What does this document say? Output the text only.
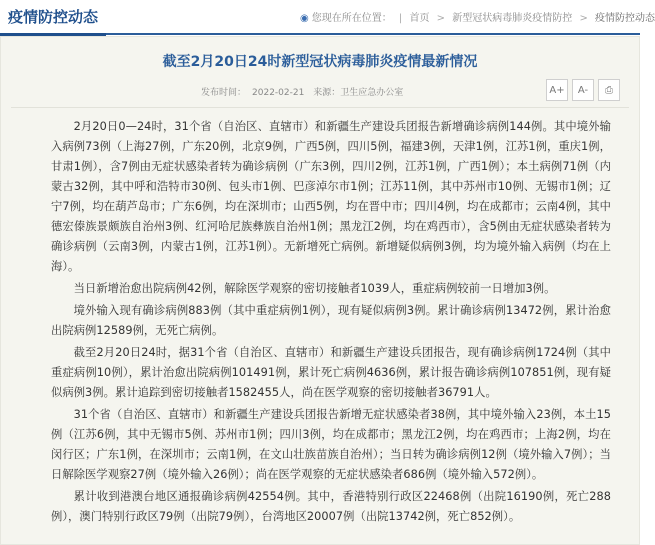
疫情防控动态	◉ 您现在所在位置： | 首页 > 新型冠状病毒肺炎疫情防控 > 疫情防控动态
截至2月20日24时新型冠状病毒肺炎疫情最新情况
发布时间： 2022-02-21 来源：卫生应急办公室	A+	A-	⎙

2月20日0—24时，31个省（自治区、直辖市）和新疆生产建设兵团报告新增确诊病例144例。其中境外输入病例73例（上海27例，广东20例，北京9例，广西5例，四川5例，福建3例，天津1例，江苏1例，重庆1例，甘肃1例），含7例由无症状感染者转为确诊病例（广东3例，四川2例，江苏1例，广西1例）；本土病例71例（内蒙古32例，其中呼和浩特市30例、包头市1例、巴彦淖尔市1例；江苏11例，其中苏州市10例、无锡市1例；辽宁7例，均在葫芦岛市；广东6例，均在深圳市；山西5例，均在晋中市；四川4例，均在成都市；云南4例，其中德宏傣族景颇族自治州3例、红河哈尼族彝族自治州1例；黑龙江2例，均在鸡西市），含5例由无症状感染者转为确诊病例（云南3例，内蒙古1例，江苏1例）。无新增死亡病例。新增疑似病例3例，均为境外输入病例（均在上海）。

当日新增治愈出院病例42例，解除医学观察的密切接触者1039人，重症病例较前一日增加3例。

境外输入现有确诊病例883例（其中重症病例1例），现有疑似病例3例。累计确诊病例13472例，累计治愈出院病例12589例，无死亡病例。

截至2月20日24时，据31个省（自治区、直辖市）和新疆生产建设兵团报告，现有确诊病例1724例（其中重症病例10例），累计治愈出院病例101491例，累计死亡病例4636例，累计报告确诊病例107851例，现有疑似病例3例。累计追踪到密切接触者1582455人，尚在医学观察的密切接触者36791人。

31个省（自治区、直辖市）和新疆生产建设兵团报告新增无症状感染者38例，其中境外输入23例，本土15例（江苏6例，其中无锡市5例、苏州市1例；四川3例，均在成都市；黑龙江2例，均在鸡西市；上海2例，均在闵行区；广东1例，在深圳市；云南1例，在文山壮族苗族自治州）；当日转为确诊病例12例（境外输入7例）；当日解除医学观察27例（境外输入26例）；尚在医学观察的无症状感染者686例（境外输入572例）。

累计收到港澳台地区通报确诊病例42554例。其中，香港特别行政区22468例（出院16190例，死亡288例），澳门特别行政区79例（出院79例），台湾地区20007例（出院13742例，死亡852例）。
